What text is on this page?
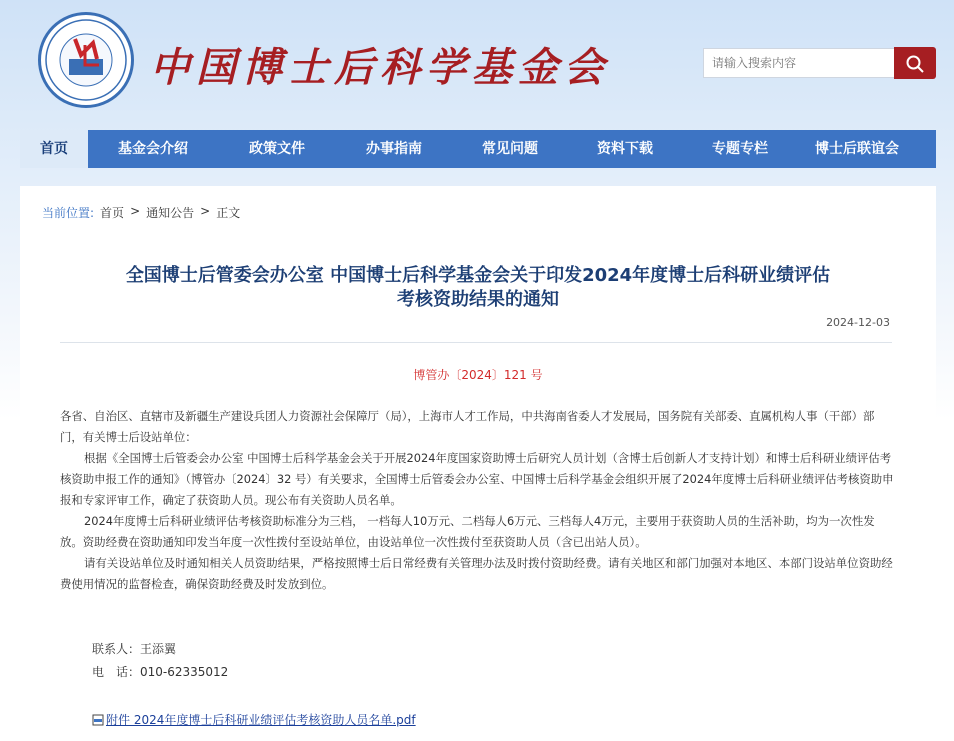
中国博士后科学基金会	请输入搜索内容
首页	基金会介绍	政策文件	办事指南	常见问题	资料下载	专题专栏	博士后联谊会
当前位置: 首页 > 通知公告 > 正文
全国博士后管委会办公室 中国博士后科学基金会关于印发2024年度博士后科研业绩评估
考核资助结果的通知
2024-12-03
博管办〔2024〕121 号

各省、自治区、直辖市及新疆生产建设兵团人力资源社会保障厅（局），上海市人才工作局，中共海南省委人才发展局，国务院有关部委、直属机构人事（干部）部门，有关博士后设站单位：

根据《全国博士后管委会办公室 中国博士后科学基金会关于开展2024年度国家资助博士后研究人员计划（含博士后创新人才支持计划）和博士后科研业绩评估考核资助申报工作的通知》（博管办〔2024〕32 号）有关要求，全国博士后管委会办公室、中国博士后科学基金会组织开展了2024年度博士后科研业绩评估考核资助申报和专家评审工作，确定了获资助人员。现公布有关资助人员名单。

2024年度博士后科研业绩评估考核资助标准分为三档， 一档每人10万元、二档每人6万元、三档每人4万元，主要用于获资助人员的生活补助，均为一次性发放。资助经费在资助通知印发当年度一次性拨付至设站单位，由设站单位一次性拨付至获资助人员（含已出站人员）。

请有关设站单位及时通知相关人员资助结果，严格按照博士后日常经费有关管理办法及时拨付资助经费。请有关地区和部门加强对本地区、本部门设站单位资助经费使用情况的监督检查，确保资助经费及时发放到位。

联系人：王添翼
电　话：010-62335012
附件 2024年度博士后科研业绩评估考核资助人员名单.pdf
